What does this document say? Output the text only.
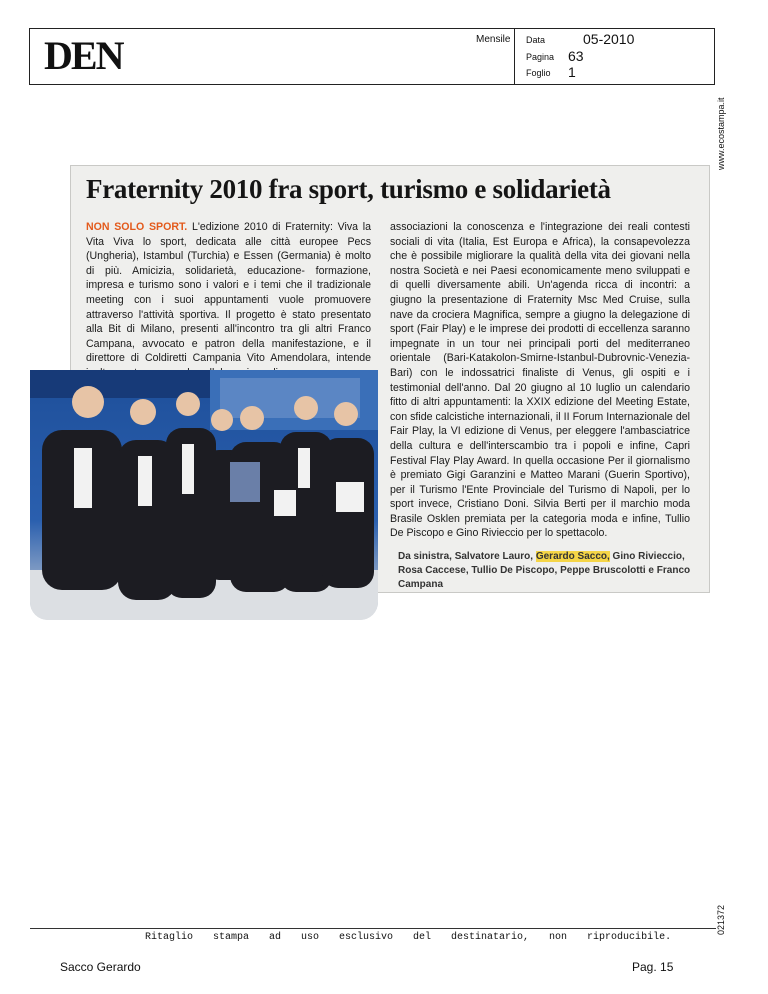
DEN	Mensile Data	05-2010
Pagina 63
Foglio 1
www.ecostampa.it
021372
Fraternity 2010 fra sport, turismo e solidarietà
NON SOLO SPORT. L'edizione 2010 di Fraternity: Viva la Vita Viva lo sport, dedicata alle città europee Pecs (Ungheria), Istambul (Turchia) e Essen (Germania) è molto di più. Amicizia, solidarietà, educazione- formazione, impresa e turismo sono i valori e i temi che il tradizionale meeting con i suoi appuntamenti vuole promuovere attraverso l'attività sportiva. Il progetto è stato presentato alla Bit di Milano, presenti all'incontro tra gli altri Franco Campana, avvocato e patron della manifestazione, e il direttore di Coldiretti Campania Vito Amendolara, intende
associazioni la conoscenza e l'integrazione dei reali contesti sociali di vita (Italia, Est Europa e Africa), la consapevolezza che è possibile migliorare la qualità della vita dei giovani nella nostra Società e nei Paesi economicamente meno sviluppati e di quelli diversamente abili. Un'agenda ricca di incontri: a giugno la presentazione di Fraternity Msc Med Cruise, sulla nave da crociera Magnifica, sempre a giugno la delegazione di sport (Fair Play) e le imprese dei prodotti di eccellenza saranno impegnate in un tour nei principali porti del mediterraneo orientale (Bari-Katakolon-Smirne-Istanbul-Dubrovnic-Venezia-Bari) con le indossatrici finaliste di Venus, gli ospiti e i testimonial dell'anno. Dal 20 giugno al 10 luglio un calendario fitto di altri appuntamenti: la XXIX edizione del Meeting Estate, con sfide calcistiche internazionali, il II Forum Internazionale del Fair Play, la VI edizione di Venus, per eleggere l'ambasciatrice della cultura e dell'interscambio tra i popoli e infine, Capri Festival Flay Play Award. In quella occasione Per il giornalismo è premiato Gigi Garanzini e Matteo Marani (Guerin Sportivo), per il Turismo l'Ente Provinciale del Turismo di Napoli, per lo sport invece, Cristiano Doni. Silvia Berti per il marchio moda Brasile Osklen premiata per la categoria moda e infine, Tullio De Piscopo e Gino Rivieccio per lo spettacolo.
Da sinistra, Salvatore Lauro, Gerardo Sacco, Gino Rivieccio, Rosa Caccese, Tullio De Piscopo, Peppe Bruscolotti e Franco Campana
Ritaglio stampa ad uso esclusivo del destinatario, non riproducibile.
Sacco Gerardo	Pag. 15
